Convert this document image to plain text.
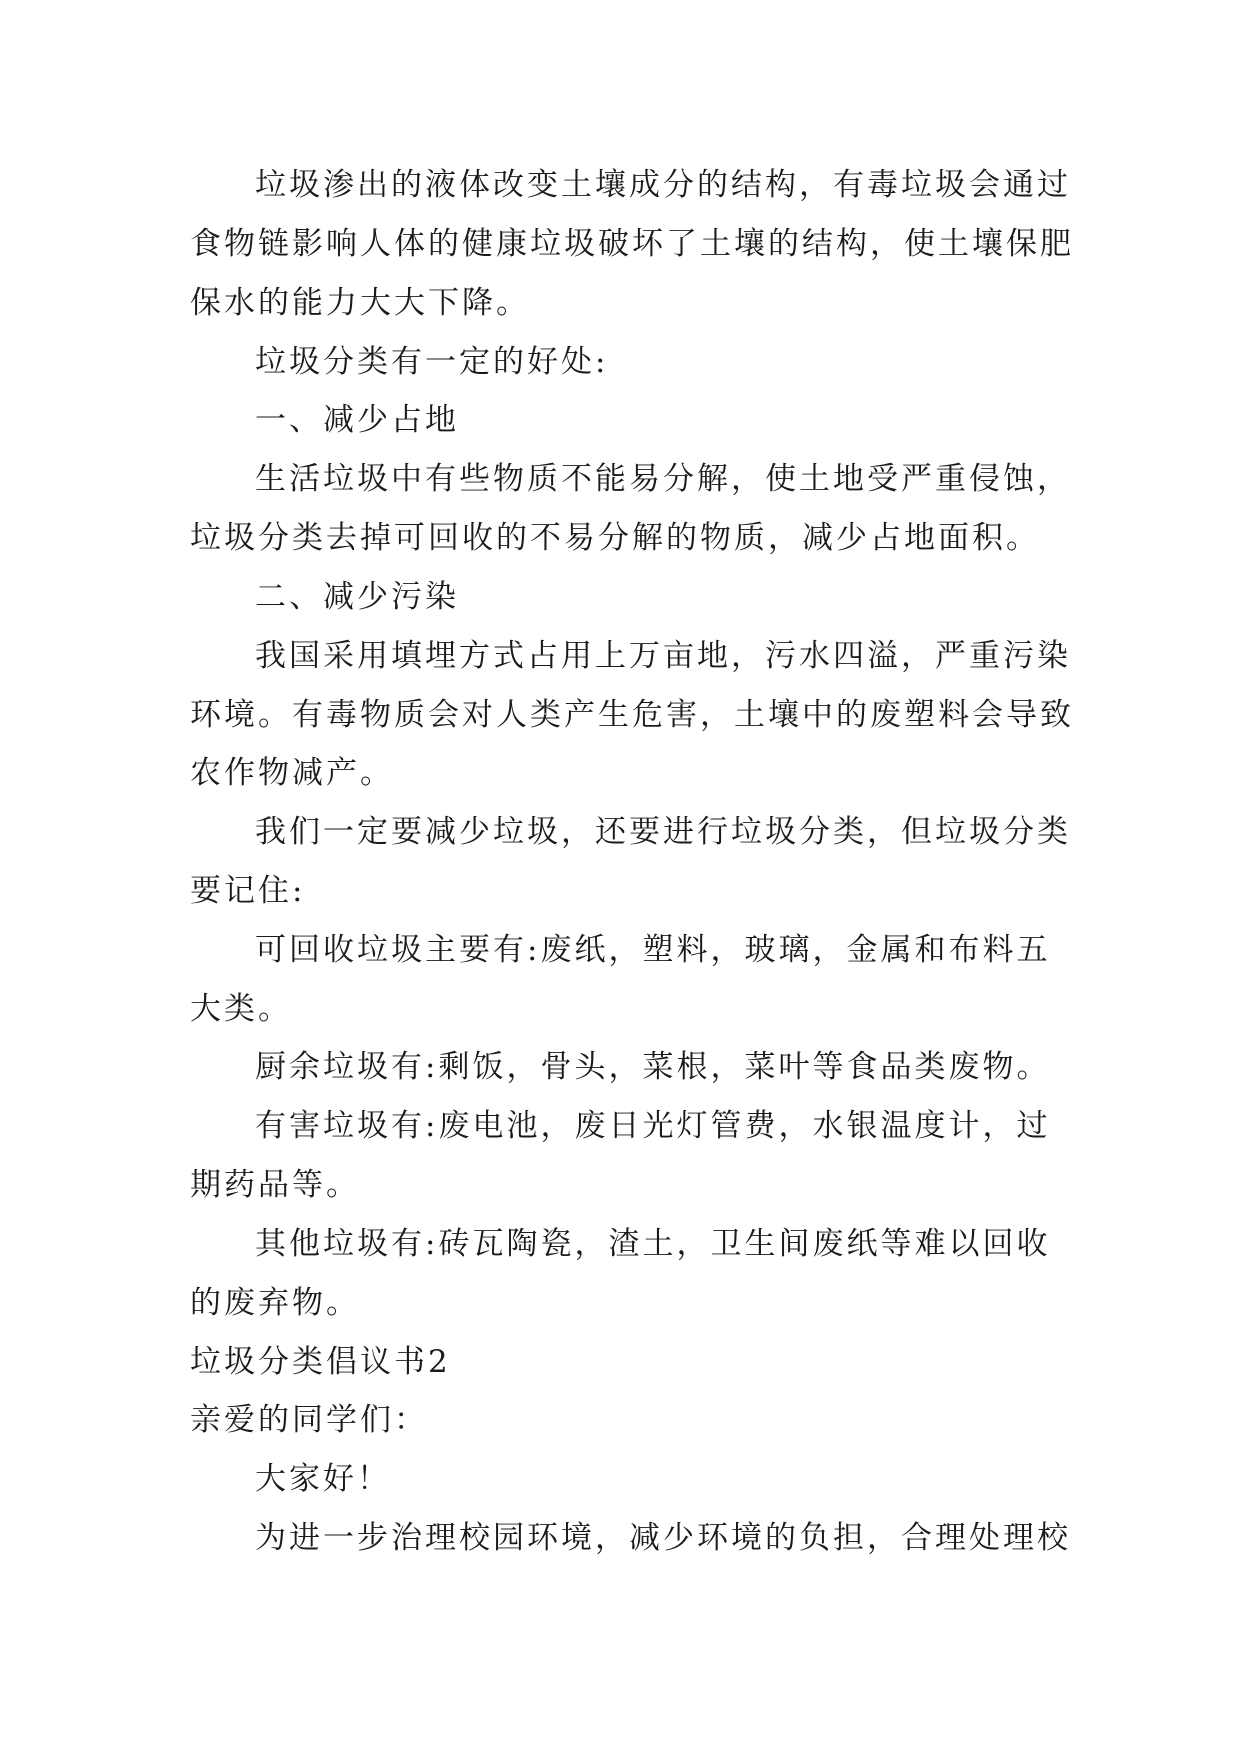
垃圾渗出的液体改变土壤成分的结构，有毒垃圾会通过

食物链影响人体的健康垃圾破坏了土壤的结构，使土壤保肥

保水的能力大大下降。

垃圾分类有一定的好处:

一、减少占地

生活垃圾中有些物质不能易分解，使土地受严重侵蚀，

垃圾分类去掉可回收的不易分解的物质，减少占地面积。

二、减少污染

我国采用填埋方式占用上万亩地，污水四溢，严重污染

环境。有毒物质会对人类产生危害，土壤中的废塑料会导致

农作物减产。

我们一定要减少垃圾，还要进行垃圾分类，但垃圾分类

要记住:

可回收垃圾主要有:废纸，塑料，玻璃，金属和布料五

大类。

厨余垃圾有:剩饭，骨头，菜根，菜叶等食品类废物。

有害垃圾有:废电池，废日光灯管费，水银温度计，过

期药品等。

其他垃圾有:砖瓦陶瓷，渣土，卫生间废纸等难以回收

的废弃物。

垃圾分类倡议书2

亲爱的同学们：

大家好！

为进一步治理校园环境，减少环境的负担，合理处理校
